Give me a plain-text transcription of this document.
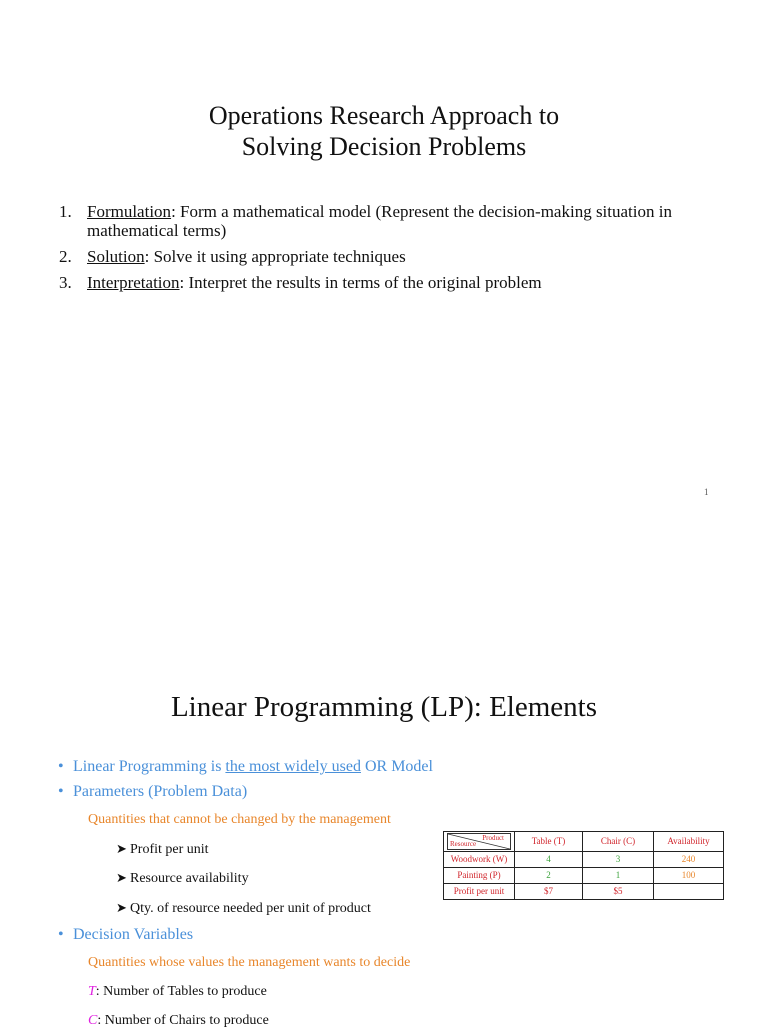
Operations Research Approach to
Solving Decision Problems
1. Formulation: Form a mathematical model (Represent the decision-making situation in mathematical terms)
2. Solution: Solve it using appropriate techniques
3. Interpretation: Interpret the results in terms of the original problem
1
Linear Programming (LP): Elements
• Linear Programming is the most widely used OR Model
• Parameters (Problem Data)
Quantities that cannot be changed by the management
➤ Profit per unit
➤ Resource availability
➤ Qty. of resource needed per unit of product
• Decision Variables
Quantities whose values the management wants to decide
T: Number of Tables to produce
C: Number of Chairs to produce
Product
Resource	Table (T)	Chair (C)	Availability
Woodwork (W)	4	3	240
Painting (P)	2	1	100
Profit per unit	$7	$5	
